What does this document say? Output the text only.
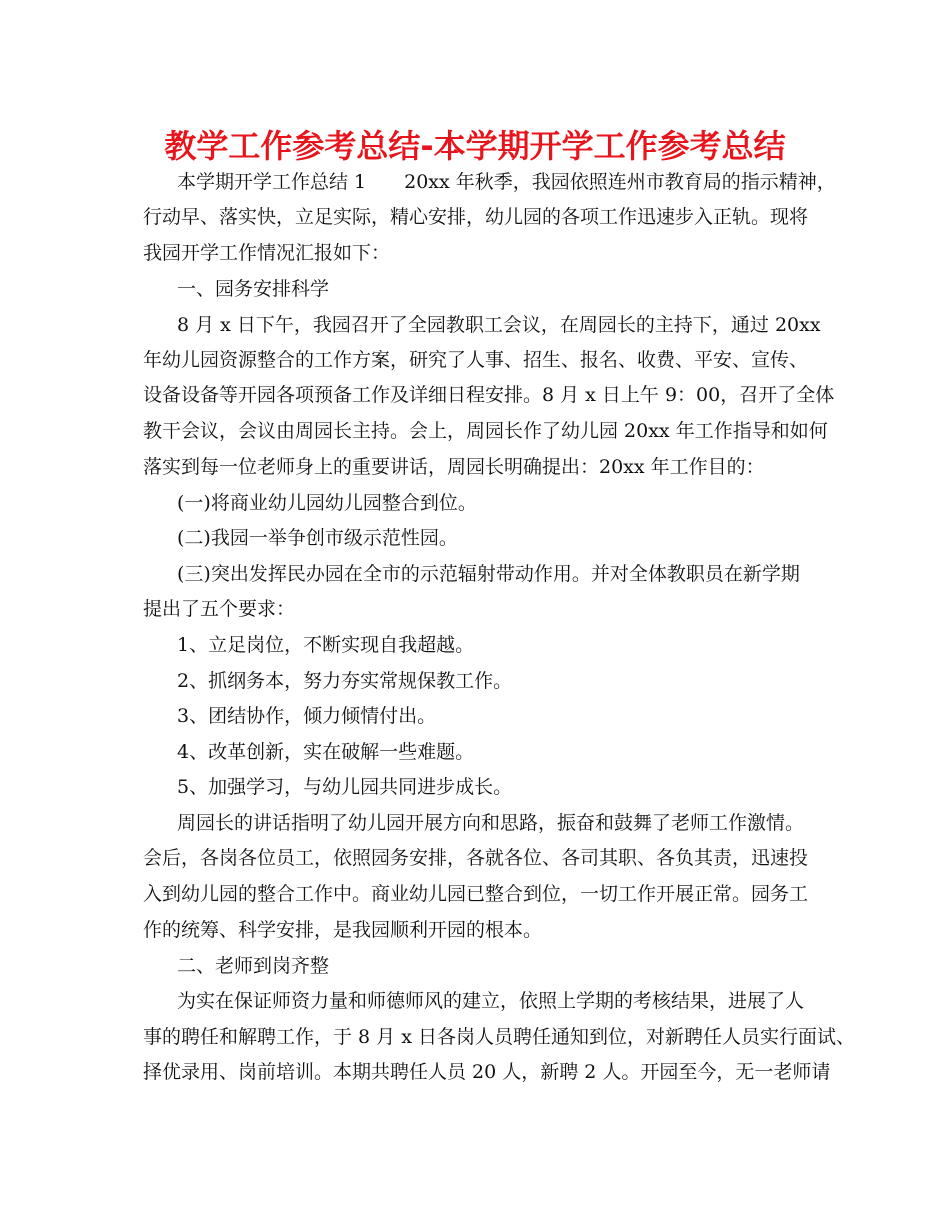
教学工作参考总结-本学期开学工作参考总结

本学期开学工作总结 1　　20xx 年秋季，我园依照连州市教育局的指示精神，

行动早、落实快，立足实际，精心安排，幼儿园的各项工作迅速步入正轨。现将

我园开学工作情况汇报如下：

一、园务安排科学

8 月 x 日下午，我园召开了全园教职工会议，在周园长的主持下，通过 20xx

年幼儿园资源整合的工作方案，研究了人事、招生、报名、收费、平安、宣传、

设备设备等开园各项预备工作及详细日程安排。8 月 x 日上午 9：00，召开了全体

教干会议，会议由周园长主持。会上，周园长作了幼儿园 20xx 年工作指导和如何

落实到每一位老师身上的重要讲话，周园长明确提出：20xx 年工作目的：

(一)将商业幼儿园幼儿园整合到位。

(二)我园一举争创市级示范性园。

(三)突出发挥民办园在全市的示范辐射带动作用。并对全体教职员在新学期

提出了五个要求：

1、立足岗位，不断实现自我超越。

2、抓纲务本，努力夯实常规保教工作。

3、团结协作，倾力倾情付出。

4、改革创新，实在破解一些难题。

5、加强学习，与幼儿园共同进步成长。

周园长的讲话指明了幼儿园开展方向和思路，振奋和鼓舞了老师工作激情。

会后，各岗各位员工，依照园务安排，各就各位、各司其职、各负其责，迅速投

入到幼儿园的整合工作中。商业幼儿园已整合到位，一切工作开展正常。园务工

作的统筹、科学安排，是我园顺利开园的根本。

二、老师到岗齐整

为实在保证师资力量和师德师风的建立，依照上学期的考核结果，进展了人

事的聘任和解聘工作，于 8 月 x 日各岗人员聘任通知到位，对新聘任人员实行面试、

择优录用、岗前培训。本期共聘任人员 20 人，新聘 2 人。开园至今，无一老师请
